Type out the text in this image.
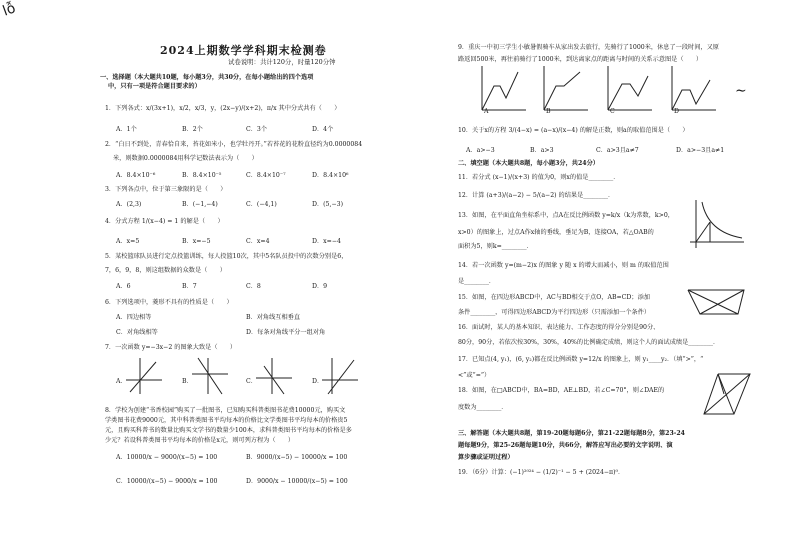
lỗ
2024上期数学学科期末检测卷
试卷说明：共计120分，时量120分钟
一、选择题（本大题共10题，每小题3分，共30分，在每小题给出的四个选项
中，只有一项是符合题目要求的）
1．下列各式：x/(3x+1)，x/2，x/3，y，(2x−y)/(x+2)，π/x 其中分式共有（　　）
A．1个	B．2个	C．3个	D．4个
2．“白日不到处，青春恰自来，苔花如米小，也学牡丹开。”若苔花的花粉直径约为0.0000084
米，则数据0.0000084用科学记数法表示为（　　）
A．8.4×10⁻⁶	B．8.4×10⁻⁵	C．8.4×10⁻⁷	D．8.4×10⁶
3．下列各点中，位于第三象限的是（　　）
A．(2,3)	B．(−1,−4)	C．(−4,1)	D．(5,−3)
4．分式方程 1/(x−4) = 1 的解是（　　）
A．x=5	B．x=−5	C．x=4	D．x=−4
5．某校篮球队员进行定点投篮训练，每人投篮10次，其中5名队员投中的次数分别是6，
7，6，9，8，则这组数据的众数是（　　）
A．6	B．7	C．8	D．9
6．下列选项中，菱形不具有的性质是（　　）
A．四边相等	B．对角线互相垂直
C．对角线相等	D．每条对角线平分一组对角
7．一次函数 y=−3x−2 的图象大致是（　　）
A．	B．	C．	D．
8．学校为创建“书香校园”购买了一批图书，已知购买科普类图书花费10000元，购买文
学类图书花费9000元，其中科普类图书平均每本的价格比文学类图书平均每本的价格贵5
元，且购买科普书的数量比购买文学书的数量少100本，求科普类图书平均每本的价格是多
少元？若设科普类图书平均每本的价格是x元，则可列方程为（　　）
A．10000/x − 9000/(x−5) = 100	B．9000/(x−5) − 10000/x = 100
C．10000/(x−5) − 9000/x = 100	D．9000/x − 10000/(x−5) = 100
9．重庆一中初三学生小敏暑假骑车从家出发去旅行，先骑行了1000米，休息了一段时间，又原
路返回500米，再往前骑行了1000米，到达离家点的距离与时间的关系示意图是（　　）
A	B	C	D
∼
10．关于x的方程 3/(4−x) = (a−x)/(x−4) 的解是正数，则a的取值范围是（　　）
A．a>−3	B．a>3	C．a>3且a≠7	D．a>−3且a≠1
二、填空题（本大题共8题，每小题3分，共24分）
11．若分式 (x−1)/(x+3) 的值为0，则x的值是________．
12．计算 (a+3)/(a−2) − 5/(a−2) 的结果是________．
13．如图，在平面直角坐标系中，点A在反比例函数 y=k/x（k为常数，k>0，
x>0）的图象上，过点A作x轴的垂线，垂足为B，连接OA，若△OAB的
面积为5，则k=________．
14．若一次函数 y=(m−2)x 的图象 y 随 x 的增大而减小，则 m 的取值范围
是________．
15．如图，在四边形ABCD中，AC与BD相交于点O，AB=CD；添加
条件________，可得四边形ABCD为平行四边形（只需添加一个条件）
16．面试时，某人的基本知识、表达能力、工作态度的得分分别是90分、
80分，90分，若依次按30%，30%，40%的比例确定成绩，则这个人的面试成绩是________．
17．已知点(4, y₁)，(6, y₂)都在反比例函数 y=12/x 的图象上，则 y₁____y₂．（填“>”，“
<”或“=”）
18．如图，在□ABCD中，BA=BD，AE⊥BD，若∠C=70°，则∠DAE的
度数为________．
三、解答题（本大题共8题，第19-20题每题6分，第21-22题每题8分，第23-24
题每题9分，第25-26题每题10分，共66分，解答应写出必要的文字说明、演
算步骤或证明过程）
19．（6分）计算：(−1)²⁰²⁴ − (1/2)⁻¹ − 5 + (2024−π)⁰．
